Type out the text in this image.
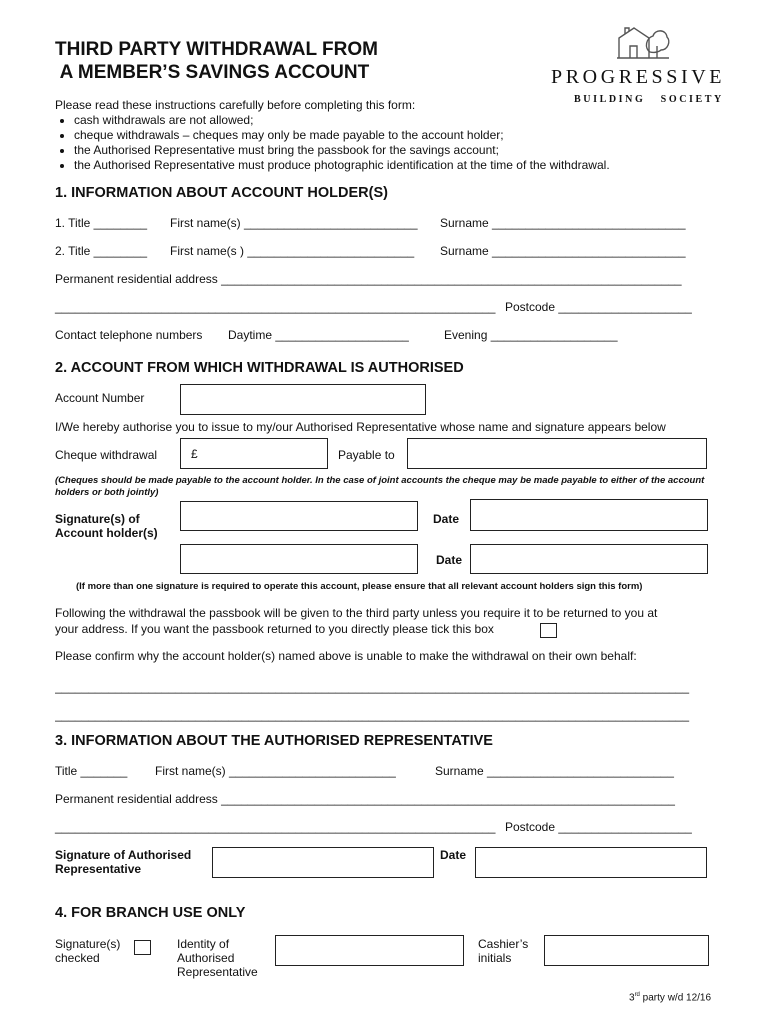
THIRD PARTY WITHDRAWAL FROM
A MEMBER’S SAVINGS ACCOUNT	PROGRESSIVE
BUILDING   SOCIETY
Please read these instructions carefully before completing this form:
• cash withdrawals are not allowed;
• cheque withdrawals – cheques may only be made payable to the account holder;
• the Authorised Representative must bring the passbook for the savings account;
• the Authorised Representative must produce photographic identification at the time of the withdrawal.
1. INFORMATION ABOUT ACCOUNT HOLDER(S)
1. Title ________ First name(s) __________________________ Surname _____________________________
2. Title ________ First name(s ) _________________________ Surname _____________________________
Permanent residential address _____________________________________________________________________
__________________________________________________________________ Postcode ____________________
Contact telephone numbers Daytime ____________________	Evening ___________________
2. ACCOUNT FROM WHICH WITHDRAWAL IS AUTHORISED
Account Number
I/We hereby authorise you to issue to my/our Authorised Representative whose name and signature appears below
Cheque withdrawal	£	Payable to
(Cheques should be made payable to the account holder. In the case of joint accounts the cheque may be made payable to either of the account holders or both jointly)
Signature(s) of
Account holder(s)
Date
Date
(If more than one signature is required to operate this account, please ensure that all relevant account holders sign this form)
Following the withdrawal the passbook will be given to the third party unless you require it to be returned to you at
your address. If you want the passbook returned to you directly please tick this box
Please confirm why the account holder(s) named above is unable to make the withdrawal on their own behalf:
_______________________________________________________________________________________________
_______________________________________________________________________________________________
3. INFORMATION ABOUT THE AUTHORISED REPRESENTATIVE
Title _______ First name(s) _________________________	Surname ____________________________
Permanent residential address ____________________________________________________________________
__________________________________________________________________ Postcode ____________________
Signature of Authorised
Representative
Date
4. FOR BRANCH USE ONLY
Signature(s)
checked
Identity of
Authorised
Representative
Cashier’s
initials
3rd party w/d 12/16
